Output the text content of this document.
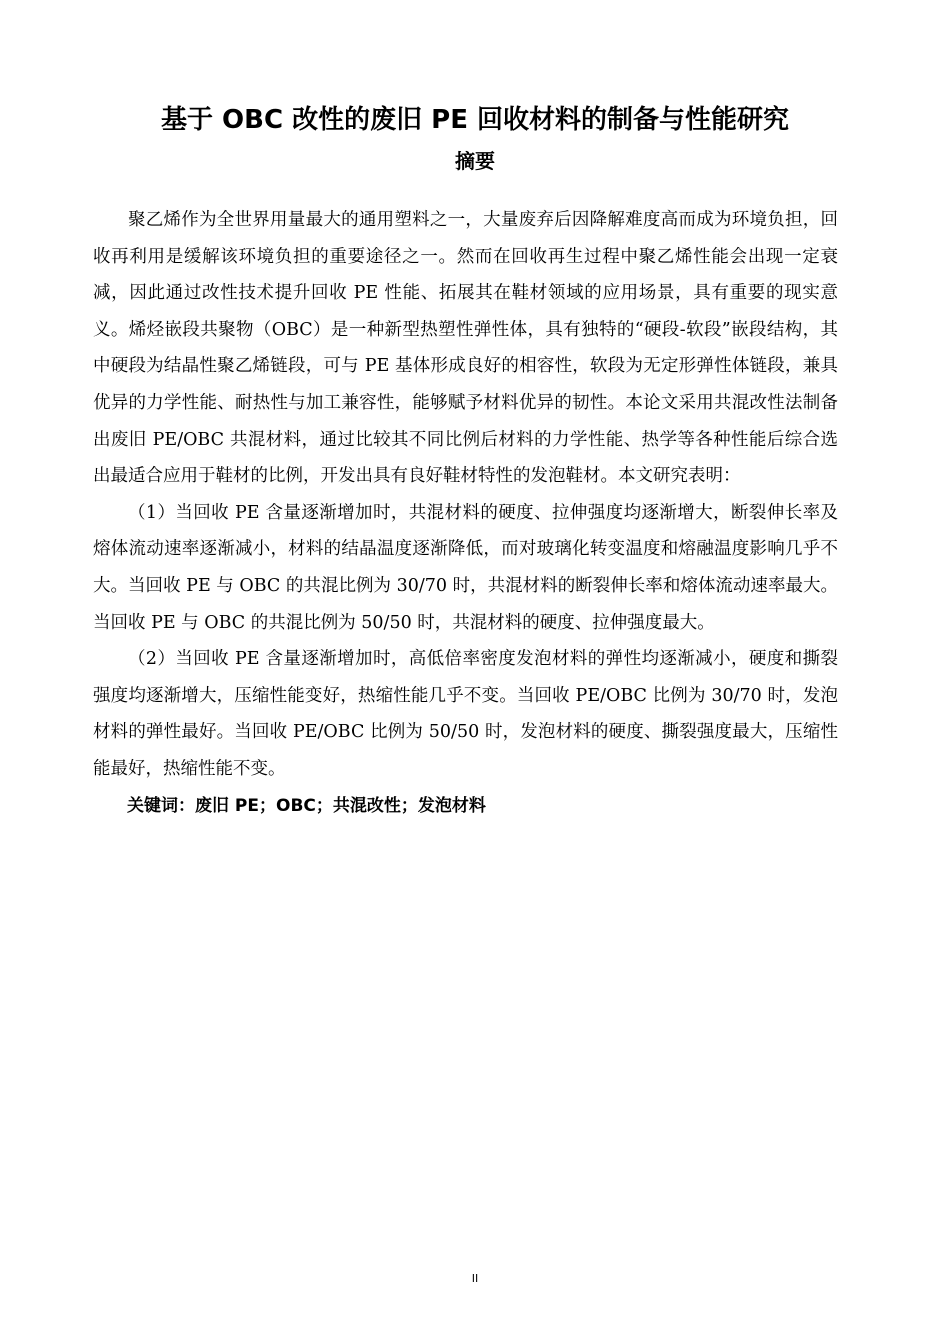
基于 OBC 改性的废旧 PE 回收材料的制备与性能研究
摘要

聚乙烯作为全世界用量最大的通用塑料之一，大量废弃后因降解难度高而成为环境负担，回收再利用是缓解该环境负担的重要途径之一。然而在回收再生过程中聚乙烯性能会出现一定衰减，因此通过改性技术提升回收 PE 性能、拓展其在鞋材领域的应用场景，具有重要的现实意义。烯烃嵌段共聚物（OBC）是一种新型热塑性弹性体，具有独特的“硬段-软段”嵌段结构，其中硬段为结晶性聚乙烯链段，可与 PE 基体形成良好的相容性，软段为无定形弹性体链段，兼具优异的力学性能、耐热性与加工兼容性，能够赋予材料优异的韧性。本论文采用共混改性法制备出废旧 PE/OBC 共混材料，通过比较其不同比例后材料的力学性能、热学等各种性能后综合选出最适合应用于鞋材的比例，开发出具有良好鞋材特性的发泡鞋材。本文研究表明：

（1）当回收 PE 含量逐渐增加时，共混材料的硬度、拉伸强度均逐渐增大，断裂伸长率及熔体流动速率逐渐减小，材料的结晶温度逐渐降低，而对玻璃化转变温度和熔融温度影响几乎不大。当回收 PE 与 OBC 的共混比例为 30/70 时，共混材料的断裂伸长率和熔体流动速率最大。当回收 PE 与 OBC 的共混比例为 50/50 时，共混材料的硬度、拉伸强度最大。

（2）当回收 PE 含量逐渐增加时，高低倍率密度发泡材料的弹性均逐渐减小，硬度和撕裂强度均逐渐增大，压缩性能变好，热缩性能几乎不变。当回收 PE/OBC 比例为 30/70 时，发泡材料的弹性最好。当回收 PE/OBC 比例为 50/50 时，发泡材料的硬度、撕裂强度最大，压缩性能最好，热缩性能不变。

关键词：废旧 PE；OBC；共混改性；发泡材料

II
